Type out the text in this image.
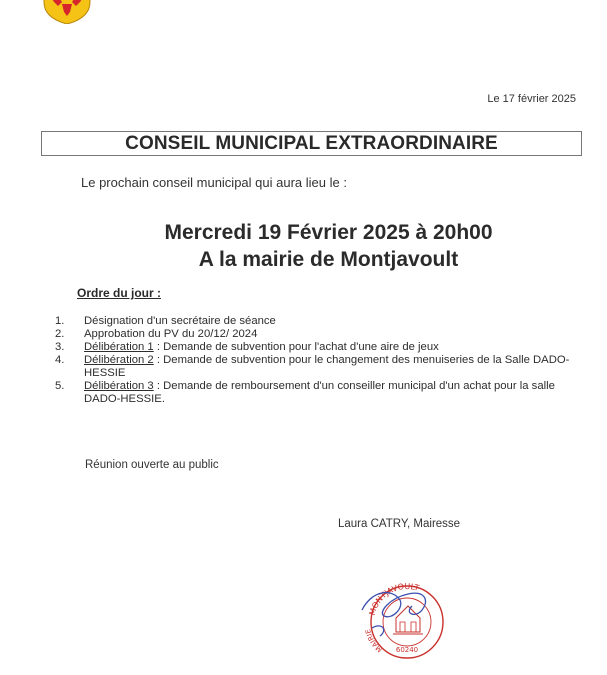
Le 17 février 2025
CONSEIL MUNICIPAL EXTRAORDINAIRE
Le prochain conseil municipal qui aura lieu le :
Mercredi 19 Février 2025 à 20h00
A la mairie de Montjavoult
Ordre du jour :
1.	Désignation d'un secrétaire de séance
2.	Approbation du PV du 20/12/ 2024
3.	Délibération 1 : Demande de subvention pour l'achat d'une aire de jeux
4.	Délibération 2 : Demande de subvention pour le changement des menuiseries de la Salle DADO-HESSIE
5.	Délibération 3 : Demande de remboursement d'un conseiller municipal d'un achat pour la salle DADO-HESSIE.
Réunion ouverte au public
Laura CATRY, Mairesse
MONTJAVOULT
MAIRIE
60240
